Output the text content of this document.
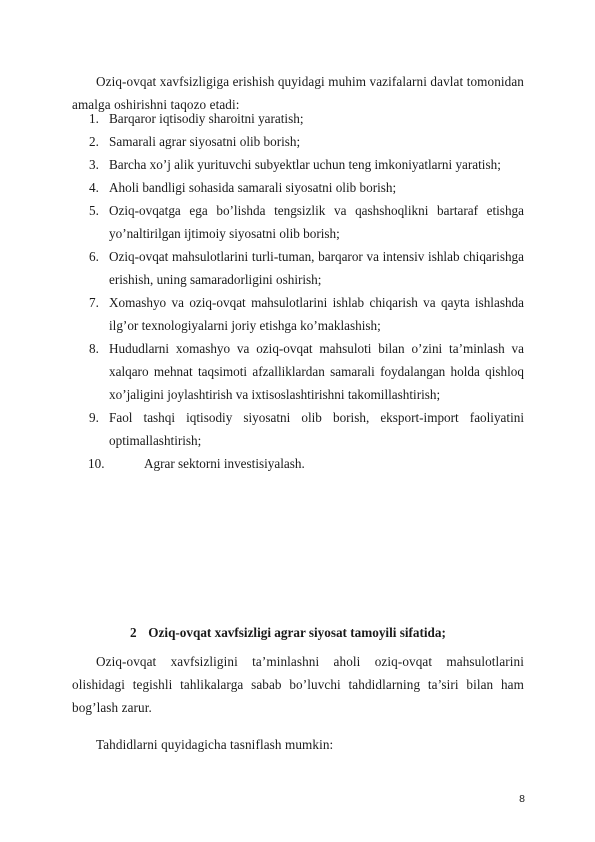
Oziq-ovqat xavfsizligiga erishish quyidagi muhim vazifalarni davlat tomonidan amalga oshirishni taqozo etadi:

1. Barqaror iqtisodiy sharoitni yaratish;
2. Samarali agrar siyosatni olib borish;
3. Barcha xo’j alik yurituvchi subyektlar uchun teng imkoniyatlarni yaratish;
4. Aholi bandligi sohasida samarali siyosatni olib borish;
5. Oziq-ovqatga ega bo’lishda tengsizlik va qashshoqlikni bartaraf etishga yo’naltirilgan ijtimoiy siyosatni olib borish;
6. Oziq-ovqat mahsulotlarini turli-tuman, barqaror va intensiv ishlab chiqarishga erishish, uning samaradorligini oshirish;
7. Xomashyo va oziq-ovqat mahsulotlarini ishlab chiqarish va qayta ishlashda ilg’or texnologiyalarni joriy etishga ko’maklashish;
8. Hududlarni xomashyo va oziq-ovqat mahsuloti bilan o’zini ta’minlash va xalqaro mehnat taqsimoti afzalliklardan samarali foydalangan holda qishloq xo’jaligini joylashtirish va ixtisoslashtirishni takomillashtirish;
9. Faol tashqi iqtisodiy siyosatni olib borish, eksport-import faoliyatini optimallashtirish;
10.	Agrar sektorni investisiyalash.
2 Oziq-ovqat xavfsizligi agrar siyosat tamoyili sifatida;

Oziq-ovqat xavfsizligini ta’minlashni aholi oziq-ovqat mahsulotlarini olishidagi tegishli tahlikalarga sabab bo’luvchi tahdidlarning ta’siri bilan ham bog’lash zarur.

Tahdidlarni quyidagicha tasniflash mumkin:

8
